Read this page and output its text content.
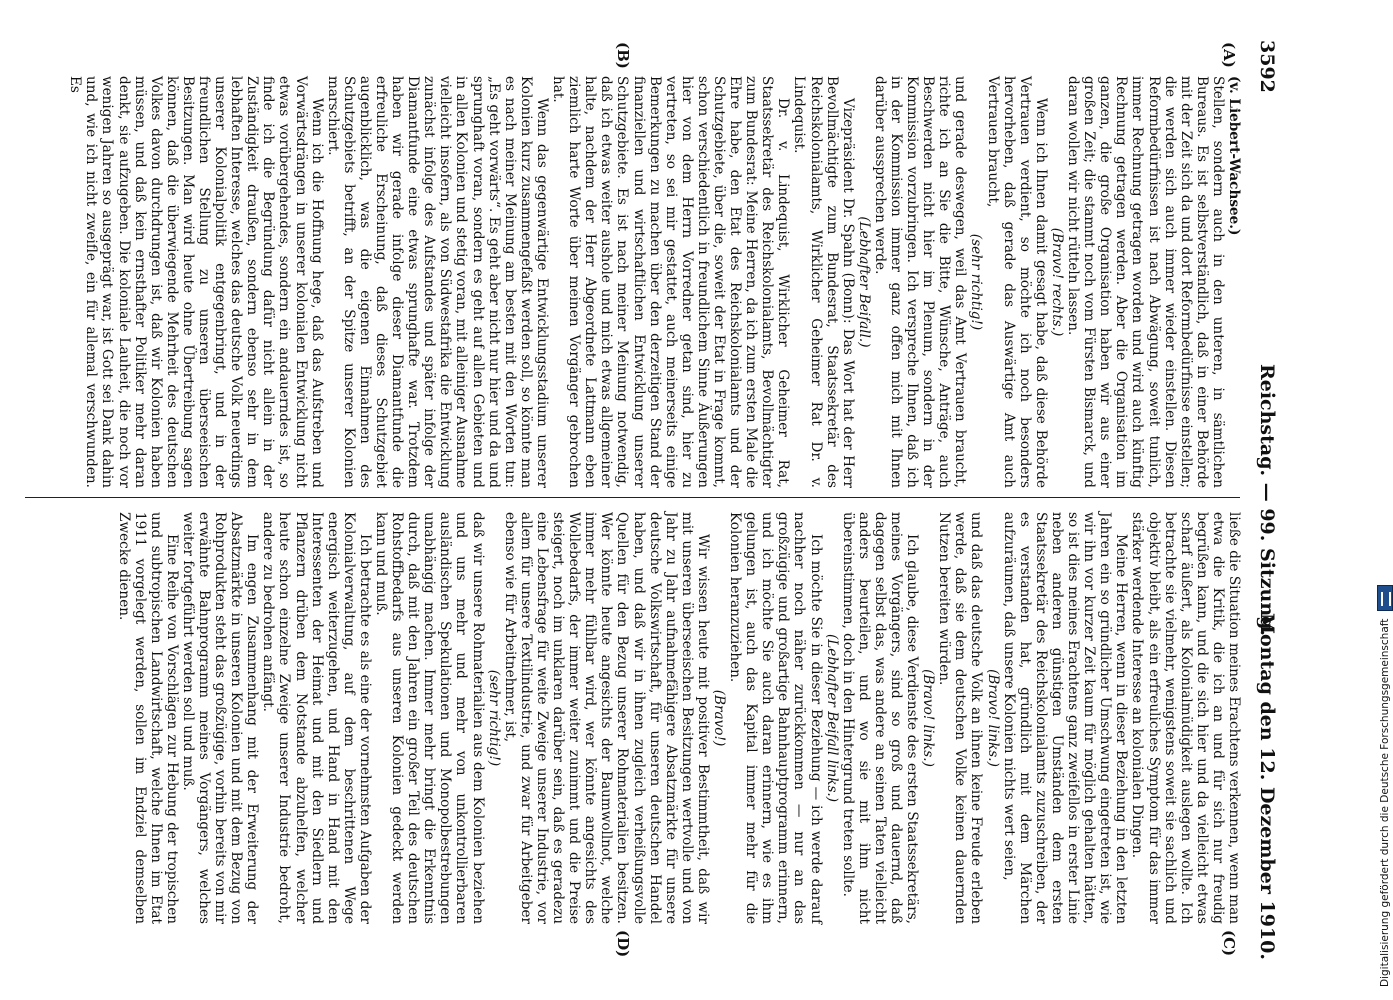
3592
Reichstag. — 99. Sitzung.
Montag den 12. Dezember 1910.
(A)
(B)
(C)
(D)

(v. Liebert-Wachsee.)

Stellen, sondern auch in den unteren, in sämtlichen Bureaus. Es ist selbstverständlich, daß in einer Behörde mit der Zeit sich da und dort Reformbedürfnisse einstellen; die werden sich auch immer wieder einstellen. Diesen Reformbedürfnissen ist nach Abwägung, soweit tunlich, immer Rechnung getragen worden und wird auch künftig Rechnung getragen werden. Aber die Organisation im ganzen, die große Organisation haben wir aus einer großen Zeit; die stammt noch vom Fürsten Bismarck, und daran wollen wir nicht rütteln lassen.

(Bravo! rechts.)

Wenn ich Ihnen damit gesagt habe, daß diese Behörde Vertrauen verdient, so möchte ich noch besonders hervorheben, daß gerade das Auswärtige Amt auch Vertrauen braucht,

(sehr richtig!)

und gerade deswegen, weil das Amt Vertrauen braucht, richte ich an Sie die Bitte, Wünsche, Anträge, auch Beschwerden nicht hier im Plenum, sondern in der Kommission vorzubringen. Ich verspreche Ihnen, daß ich in der Kommission immer ganz offen mich mit Ihnen darüber aussprechen werde.

(Lebhafter Beifall.)

Vizepräsident Dr. Spahn (Bonn): Das Wort hat der Herr Bevollmächtigte zum Bundesrat, Staatssekretär des Reichskolonialamts, Wirklicher Geheimer Rat Dr. v. Lindequist.

Dr. v. Lindequist, Wirklicher Geheimer Rat, Staatssekretär des Reichskolonialamts, Bevollmächtigter zum Bundesrat: Meine Herren, da ich zum ersten Male die Ehre habe, den Etat des Reichskolonialamts und der Schutzgebiete, über die, soweit der Etat in Frage kommt, schon verschiedentlich in freundlichem Sinne Äußerungen hier von dem Herrn Vorredner getan sind, hier zu vertreten, so sei mir gestattet, auch meinerseits einige Bemerkungen zu machen über den derzeitigen Stand der finanziellen und wirtschaftlichen Entwicklung unserer Schutzgebiete. Es ist nach meiner Meinung notwendig, daß ich etwas weiter aushole und mich etwas allgemeiner halte, nachdem der Herr Abgeordnete Lattmann eben ziemlich harte Worte über meinen Vorgänger gebrochen hat.

Wenn das gegenwärtige Entwicklungsstadium unserer Kolonien kurz zusammengefaßt werden soll, so könnte man es nach meiner Meinung am besten mit den Worten tun: „Es geht vorwärts“. Es geht aber nicht nur hier und da und sprunghaft voran, sondern es geht auf allen Gebieten und in allen Kolonien und stetig voran, mit alleiniger Ausnahme vielleicht insofern, als von Südwestafrika die Entwicklung zunächst infolge des Aufstandes und später infolge der Diamantfunde eine etwas sprunghafte war. Trotzdem haben wir gerade infolge dieser Diamantfunde die erfreuliche Erscheinung, daß dieses Schutzgebiet augenblicklich, was die eigenen Einnahmen des Schutzgebiets betrifft, an der Spitze unserer Kolonien marschiert.

Wenn ich die Hoffnung hege, daß das Aufstreben und Vorwärtsdrängen in unserer kolonialen Entwicklung nicht etwas vorübergehendes, sondern ein andauerndes ist, so finde ich die Begründung dafür nicht allein in der Zuständigkeit draußen, sondern ebenso sehr in dem lebhaften Interesse, welches das deutsche Volk neuerdings unserer Kolonialpolitik entgegenbringt, und in der freundlichen Stellung zu unseren überseeischen Besitzungen. Man wird heute ohne Übertreibung sagen können, daß die überwiegende Mehrheit des deutschen Volkes davon durchdrungen ist, daß wir Kolonien haben müssen, und daß kein ernsthafter Politiker mehr daran denkt, sie aufzugeben. Die koloniale Lauheit, die noch vor wenigen Jahren so ausgeprägt war, ist Gott sei Dank dahin und, wie ich nicht zweifle, ein für allemal verschwunden. Es

ließe die Situation meines Erachtens verkennen, wenn man etwa die Kritik, die ich an und für sich nur freudig begrüßen kann, und die sich hier und da vielleicht etwas scharf äußert, als Kolonialmüdigkeit auslegen wollte. Ich betrachte sie vielmehr, wenigstens soweit sie sachlich und objektiv bleibt, als ein erfreuliches Symptom für das immer stärker werdende Interesse an kolonialen Dingen.

Meine Herren, wenn in dieser Beziehung in den letzten Jahren ein so gründlicher Umschwung eingetreten ist, wie wir ihn vor kurzer Zeit kaum für möglich gehalten hätten, so ist dies meines Erachtens ganz zweifellos in erster Linie neben anderen günstigen Umständen dem ersten Staatssekretär des Reichskolonialamts zuzuschreiben, der es verstanden hat, gründlich mit dem Märchen aufzuräumen, daß unsere Kolonien nichts wert seien,

(Bravo! links.)

und daß das deutsche Volk an ihnen keine Freude erleben werde, daß sie dem deutschen Volke keinen dauernden Nutzen bereiten würden.

(Bravo! links.)

Ich glaube, diese Verdienste des ersten Staatssekretärs, meines Vorgängers, sind so groß und dauernd, daß dagegen selbst das, was andere an seinen Taten vielleicht anders beurteilen, und wo sie mit ihm nicht übereinstimmen, doch in den Hintergrund treten sollte.

(Lebhafter Beifall links.)

Ich möchte Sie in dieser Beziehung — ich werde darauf nachher noch näher zurückkommen — nur an das großzügige und großartige Bahnhauptprogramm erinnern, und ich möchte Sie auch daran erinnern, wie es ihm gelungen ist, auch das Kapital immer mehr für die Kolonien heranzuziehen.

(Bravo!)

Wir wissen heute mit positiver Bestimmtheit, daß wir mit unseren überseeischen Besitzungen wertvolle und von Jahr zu Jahr aufnahmefähigere Absatzmärkte für unsere deutsche Volkswirtschaft, für unseren deutschen Handel haben, und daß wir in ihnen zugleich verheißungsvolle Quellen für den Bezug unserer Rohmaterialien besitzen. Wer könnte heute angesichts der Baumwollnot, welche immer mehr fühlbar wird, wer könnte angesichts des Wollebedarfs, der immer weiter zunimmt und die Preise steigert, noch im unklaren darüber sein, daß es geradezu eine Lebensfrage für weite Zweige unserer Industrie, vor allem für unsere Textilindustrie, und zwar für Arbeitgeber ebenso wie für Arbeitnehmer, ist,

(sehr richtig!)

daß wir unsere Rohmaterialien aus dem Kolonien beziehen und uns mehr und mehr von unkontrollierbaren ausländischen Spekulationen und Monopolbestrebungen unabhängig machen. Immer mehr bringt die Erkenntnis durch, daß mit den Jahren ein großer Teil des deutschen Rohstoffbedarfs aus unseren Kolonien gedeckt werden kann und muß.

Ich betrachte es als eine der vornehmsten Aufgaben der Kolonialverwaltung, auf dem beschrittenen Wege energisch weiterzugehen, und Hand in Hand mit den Interessenten der Heimat und mit den Siedlern und Pflanzern drüben dem Notstande abzuhelfen, welcher heute schon einzelne Zweige unserer Industrie bedroht, andere zu bedrohen anfängt.

Im engen Zusammenhang mit der Erweiterung der Absatzmärkte in unseren Kolonien und mit dem Bezug von Rohprodukten steht das großzügige, vorhin bereits von mir erwähnte Bahnprogramm meines Vorgängers, welches weiter fortgeführt werden soll und muß.

Eine Reihe von Vorschlägen zur Hebung der tropischen und subtropischen Landwirtschaft, welche Ihnen im Etat 1911 vorgelegt werden, sollen im Endziel demselben Zwecke dienen.

Digitalisierung gefördert durch die Deutsche Forschungsgemeinschaft
